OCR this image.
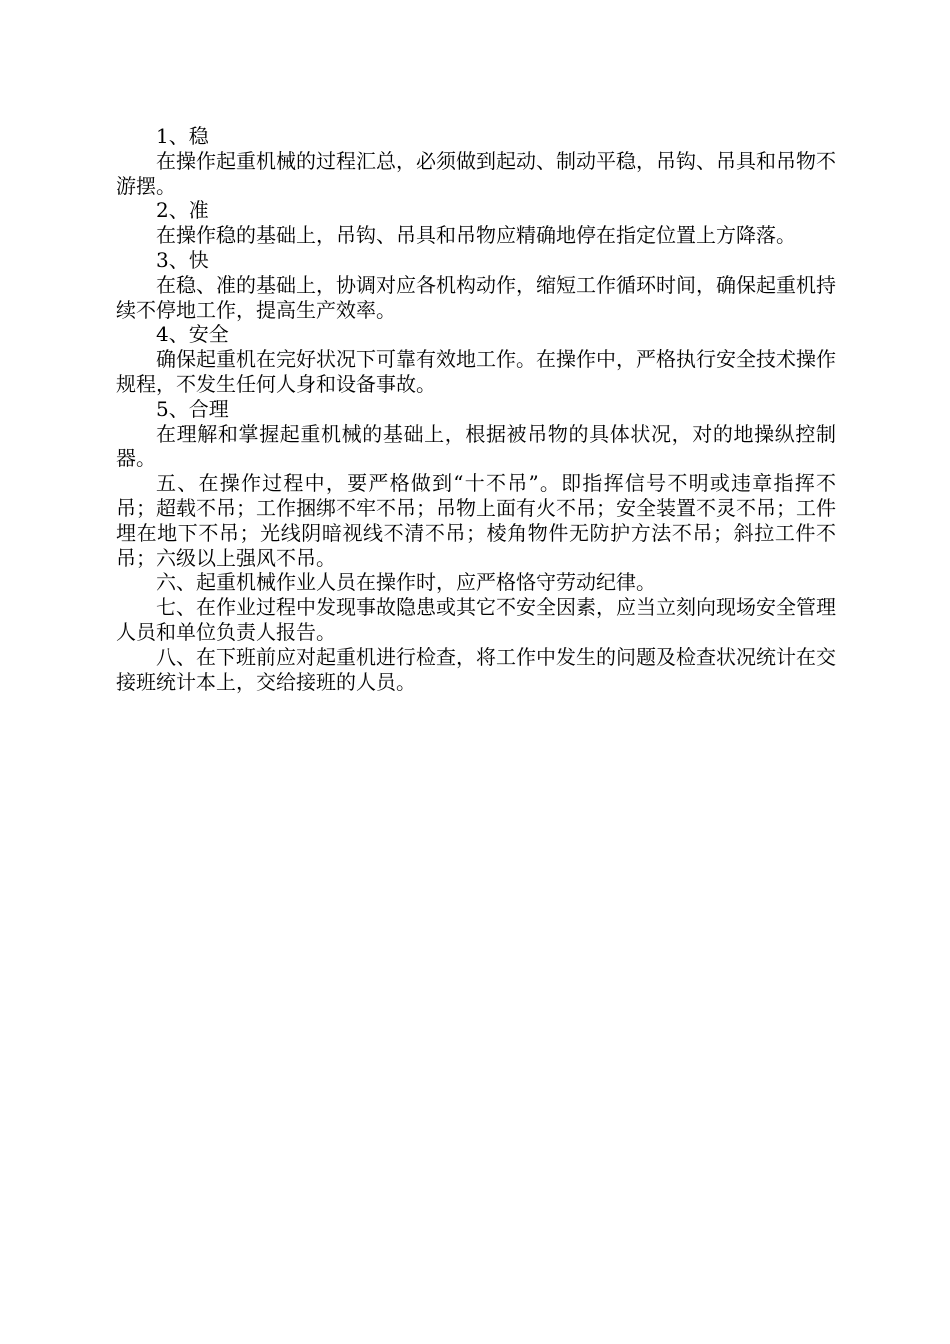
1、稳

在操作起重机械的过程汇总，必须做到起动、制动平稳，吊钩、吊具和吊物不游摆。

2、准

在操作稳的基础上，吊钩、吊具和吊物应精确地停在指定位置上方降落。

3、快

在稳、准的基础上，协调对应各机构动作，缩短工作循环时间，确保起重机持续不停地工作，提高生产效率。

4、安全

确保起重机在完好状况下可靠有效地工作。在操作中，严格执行安全技术操作规程，不发生任何人身和设备事故。

5、合理

在理解和掌握起重机械的基础上，根据被吊物的具体状况，对的地操纵控制器。

五、在操作过程中，要严格做到“十不吊”。即指挥信号不明或违章指挥不吊；超载不吊；工作捆绑不牢不吊；吊物上面有火不吊；安全装置不灵不吊；工件埋在地下不吊；光线阴暗视线不清不吊；棱角物件无防护方法不吊；斜拉工件不吊；六级以上强风不吊。

六、起重机械作业人员在操作时，应严格恪守劳动纪律。

七、在作业过程中发现事故隐患或其它不安全因素，应当立刻向现场安全管理人员和单位负责人报告。

八、在下班前应对起重机进行检查，将工作中发生的问题及检查状况统计在交接班统计本上，交给接班的人员。
